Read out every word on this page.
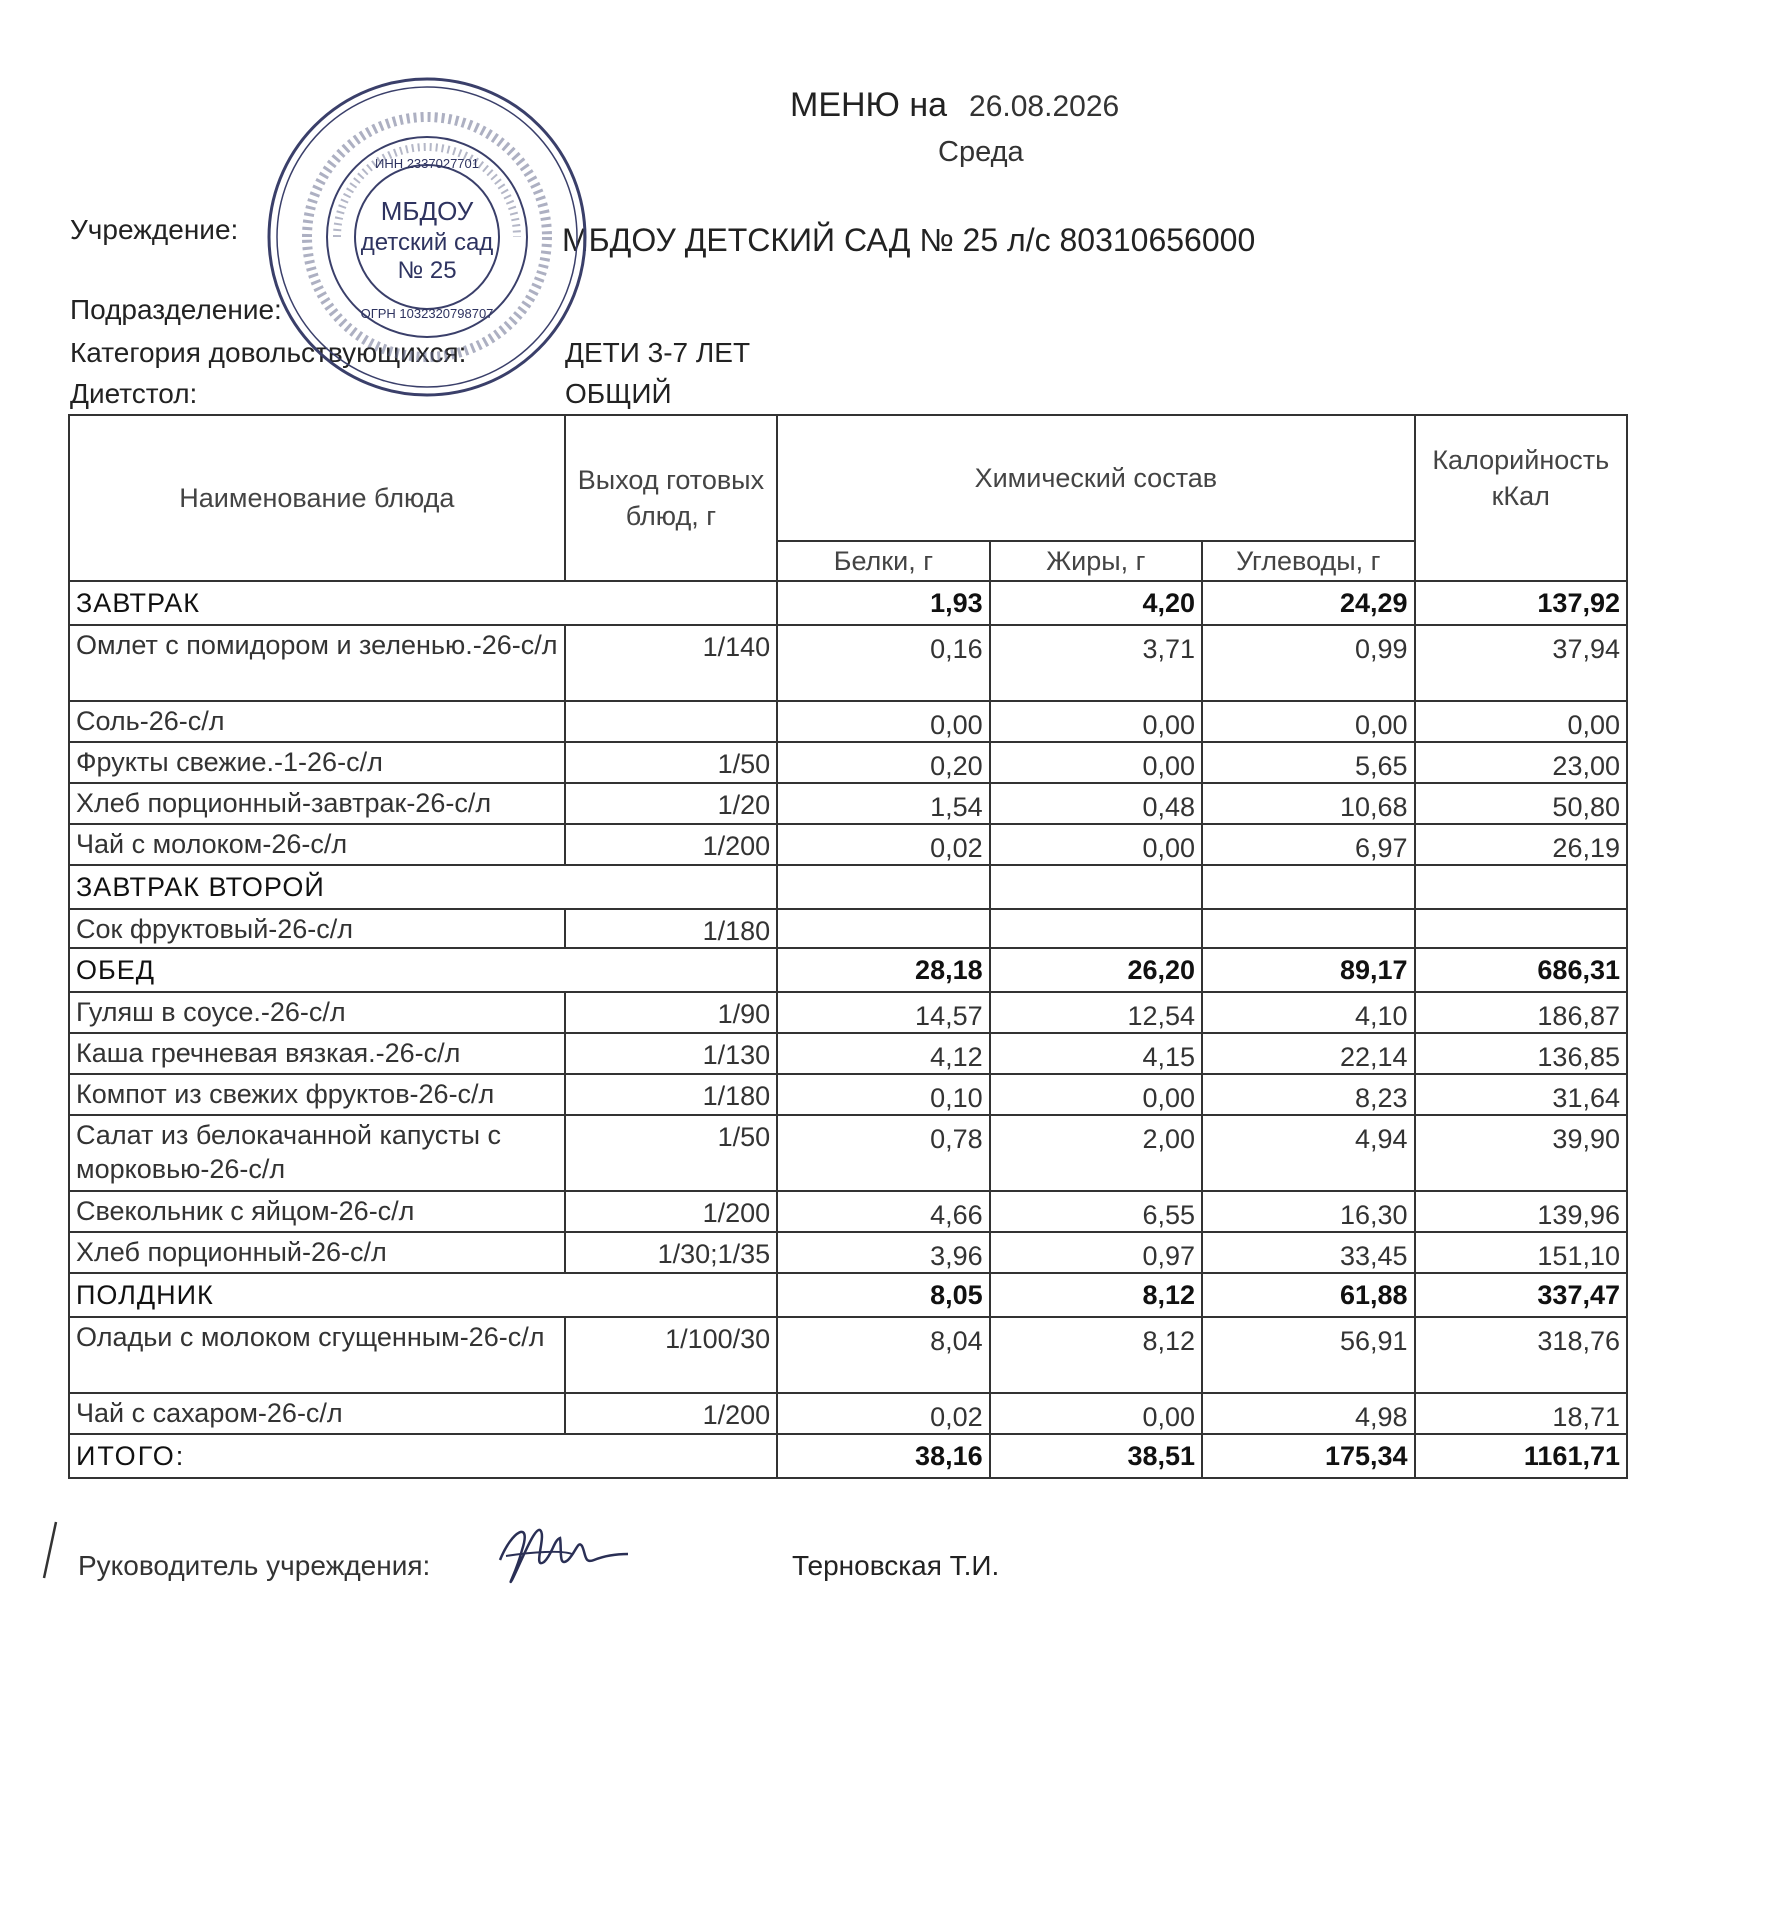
МЕНЮ на 26.08.2026
Среда
Учреждение:	МБДОУ ДЕТСКИЙ САД № 25 л/с 80310656000
Подразделение:
Категория довольствующихся:	ДЕТИ 3-7 ЛЕТ
Диетстол:	ОБЩИЙ
МБДОУ
детский сад
№ 25
ИНН 2337027701
ОГРН 1032320798707
Наименование блюда	Выход готовых блюд, г	Химический состав			Калорийность кКал
		Белки, г	Жиры, г	Углеводы, г	
ЗАВТРАК		1,93	4,20	24,29	137,92
Омлет с помидором и зеленью.-26-с/л	1/140	0,16	3,71	0,99	37,94
Соль-26-с/л		0,00	0,00	0,00	0,00
Фрукты свежие.-1-26-с/л	1/50	0,20	0,00	5,65	23,00
Хлеб порционный-завтрак-26-с/л	1/20	1,54	0,48	10,68	50,80
Чай с молоком-26-с/л	1/200	0,02	0,00	6,97	26,19
ЗАВТРАК ВТОРОЙ					
Сок фруктовый-26-с/л	1/180				
ОБЕД		28,18	26,20	89,17	686,31
Гуляш в соусе.-26-с/л	1/90	14,57	12,54	4,10	186,87
Каша гречневая вязкая.-26-с/л	1/130	4,12	4,15	22,14	136,85
Компот из свежих фруктов-26-с/л	1/180	0,10	0,00	8,23	31,64
Салат из белокачанной капусты с морковью-26-с/л	1/50	0,78	2,00	4,94	39,90
Свекольник с яйцом-26-с/л	1/200	4,66	6,55	16,30	139,96
Хлеб порционный-26-с/л	1/30;1/35	3,96	0,97	33,45	151,10
ПОЛДНИК		8,05	8,12	61,88	337,47
Оладьи с молоком сгущенным-26-с/л	1/100/30	8,04	8,12	56,91	318,76
Чай с сахаром-26-с/л	1/200	0,02	0,00	4,98	18,71
ИТОГО:		38,16	38,51	175,34	1161,71
Руководитель учреждения:	Терновская Т.И.
